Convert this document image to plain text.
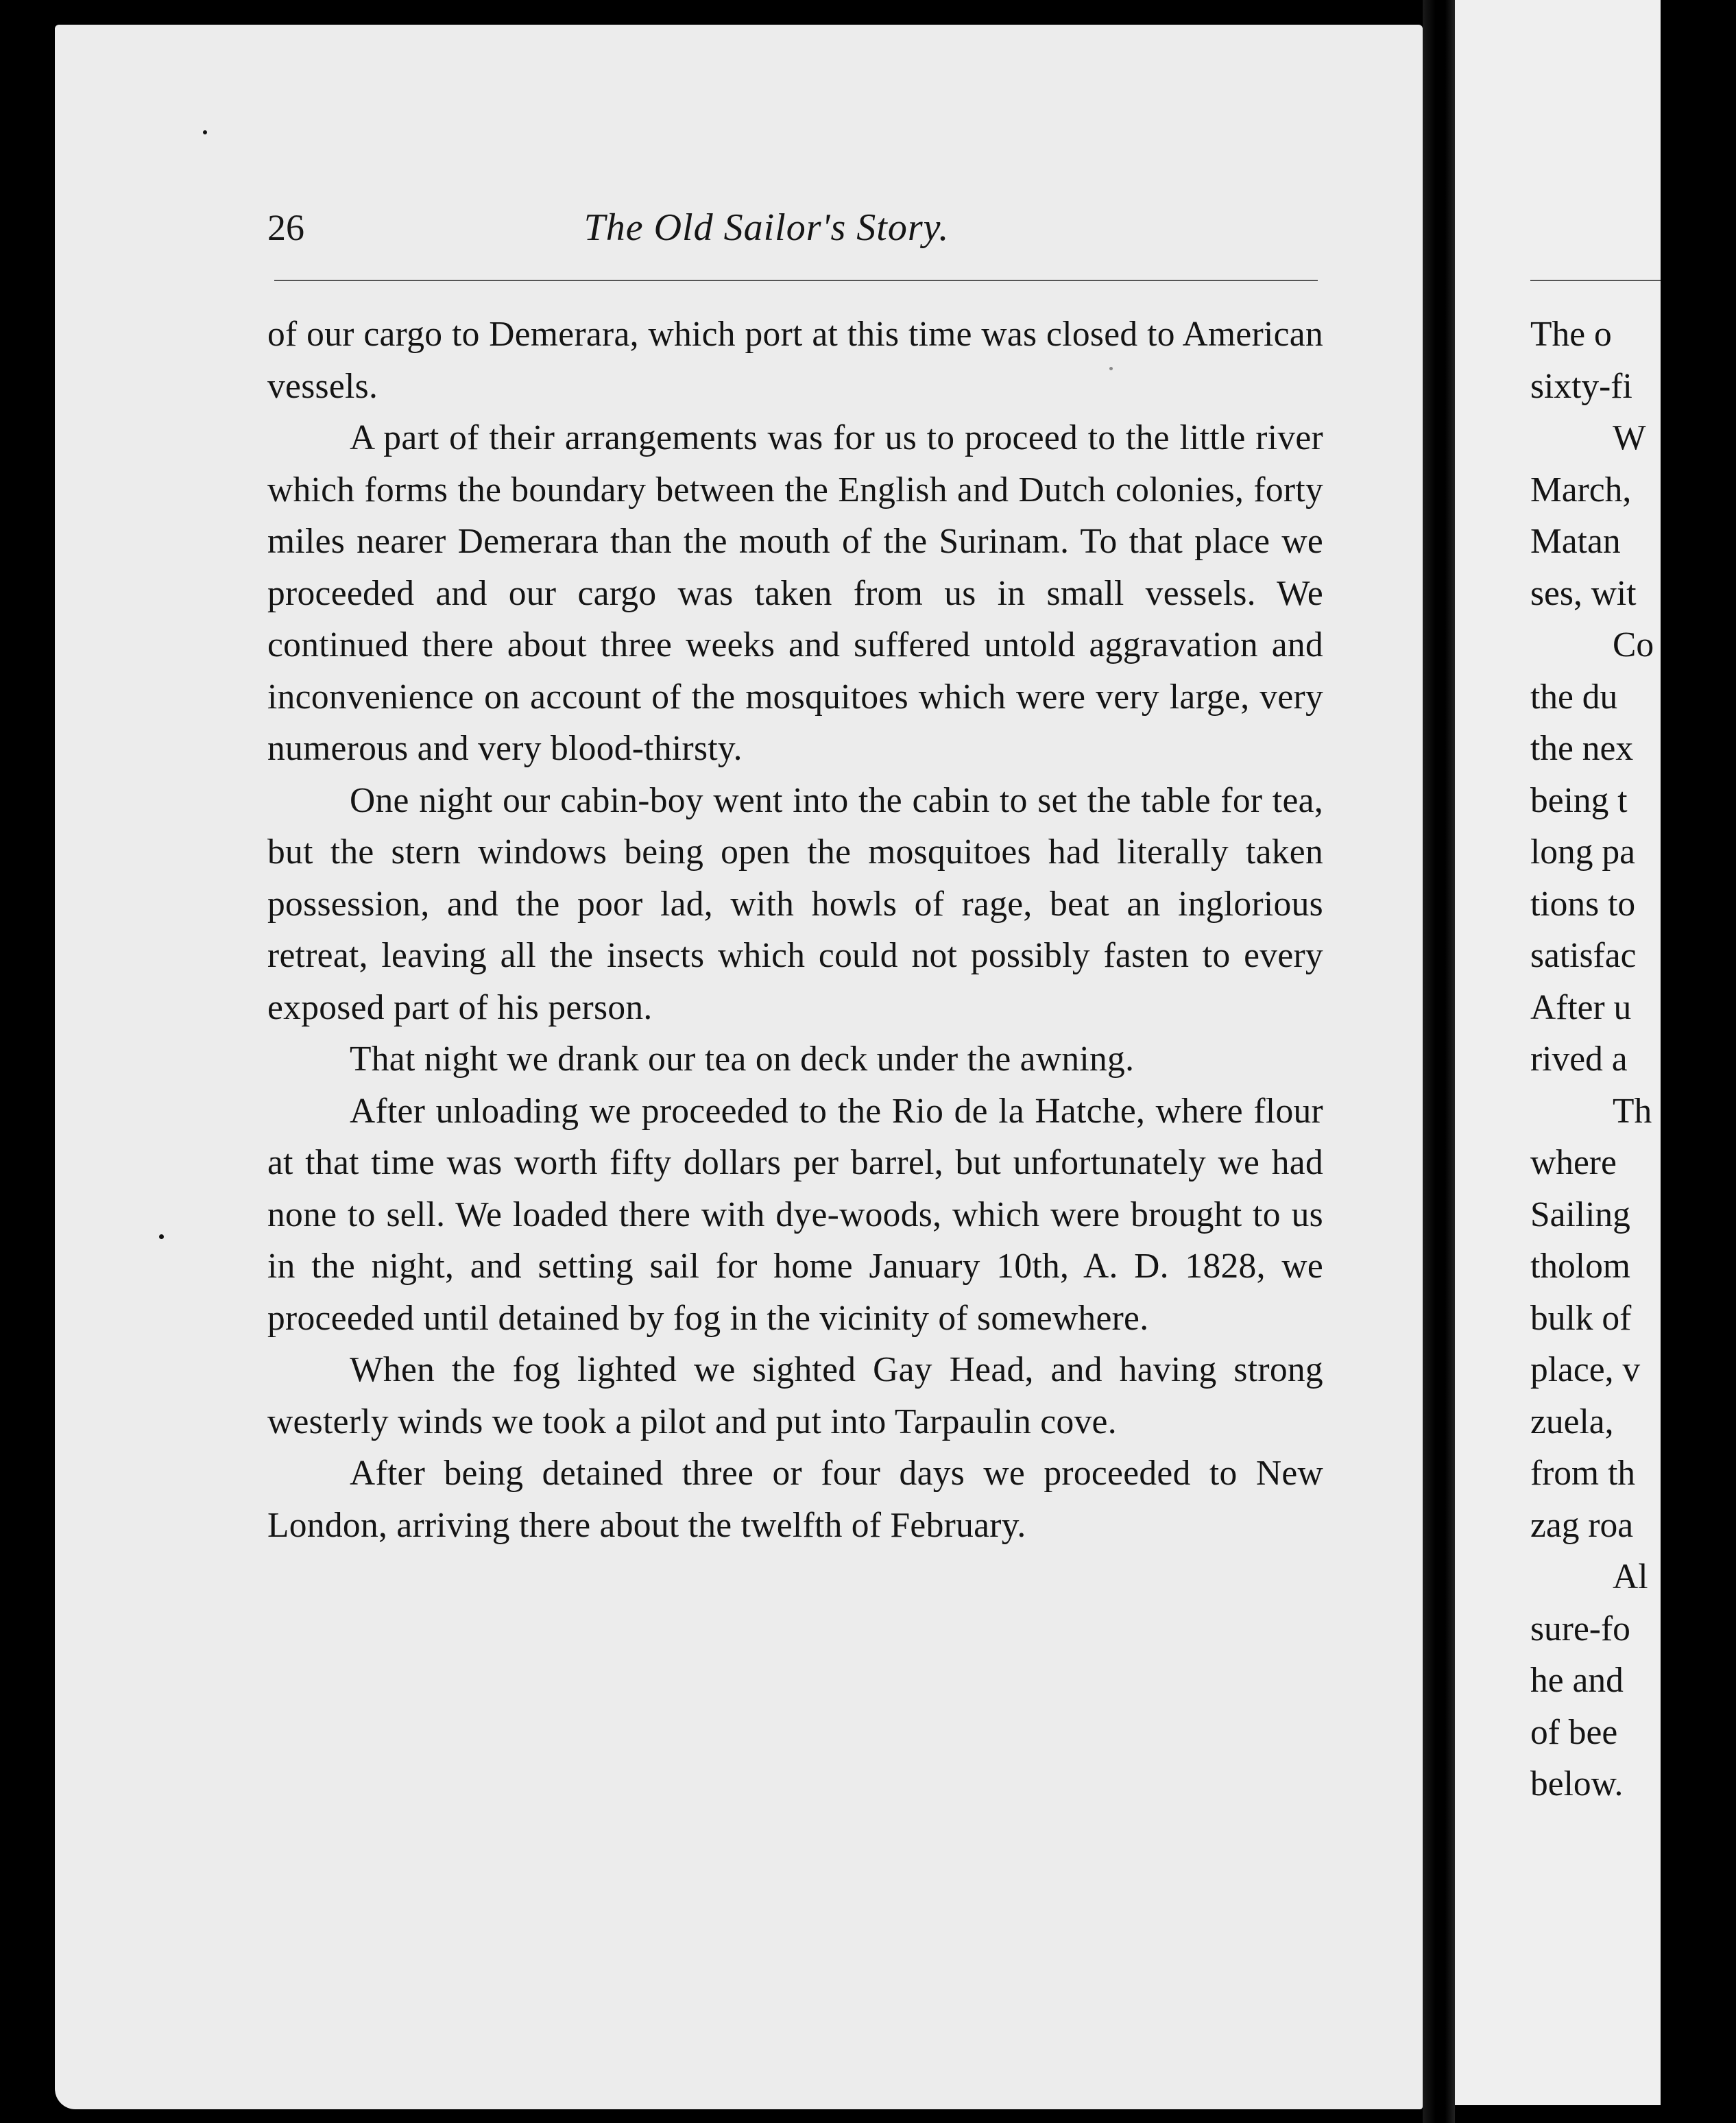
The o
sixty-fi
W
March,
Matan
ses, wit
Co
the du
the nex
being t
long pa
tions to
satisfac
After u
rived a
Th
where
Sailing
tholom
bulk of
place, v
zuela,
from th
zag roa
Al
sure-fo
he and
of bee
below.
26	The Old Sailor's Story.

of our cargo to Demerara, which port at this time was closed to American vessels.

A part of their arrangements was for us to proceed to the little river which forms the boundary between the English and Dutch colonies, forty miles nearer Demerara than the mouth of the Surinam. To that place we proceeded and our cargo was taken from us in small vessels. We continued there about three weeks and suffered untold aggravation and inconvenience on account of the mosquitoes which were very large, very numerous and very blood-thirsty.

One night our cabin-boy went into the cabin to set the table for tea, but the stern windows being open the mosquitoes had literally taken possession, and the poor lad, with howls of rage, beat an inglorious retreat, leaving all the insects which could not possibly fasten to every exposed part of his person.

That night we drank our tea on deck under the awning.

After unloading we proceeded to the Rio de la Hatche, where flour at that time was worth fifty dollars per barrel, but unfortunately we had none to sell. We loaded there with dye-woods, which were brought to us in the night, and setting sail for home January 10th, A. D. 1828, we proceeded until detained by fog in the vicinity of somewhere.

When the fog lighted we sighted Gay Head, and having strong westerly winds we took a pilot and put into Tarpaulin cove.

After being detained three or four days we proceeded to New London, arriving there about the twelfth of February.
